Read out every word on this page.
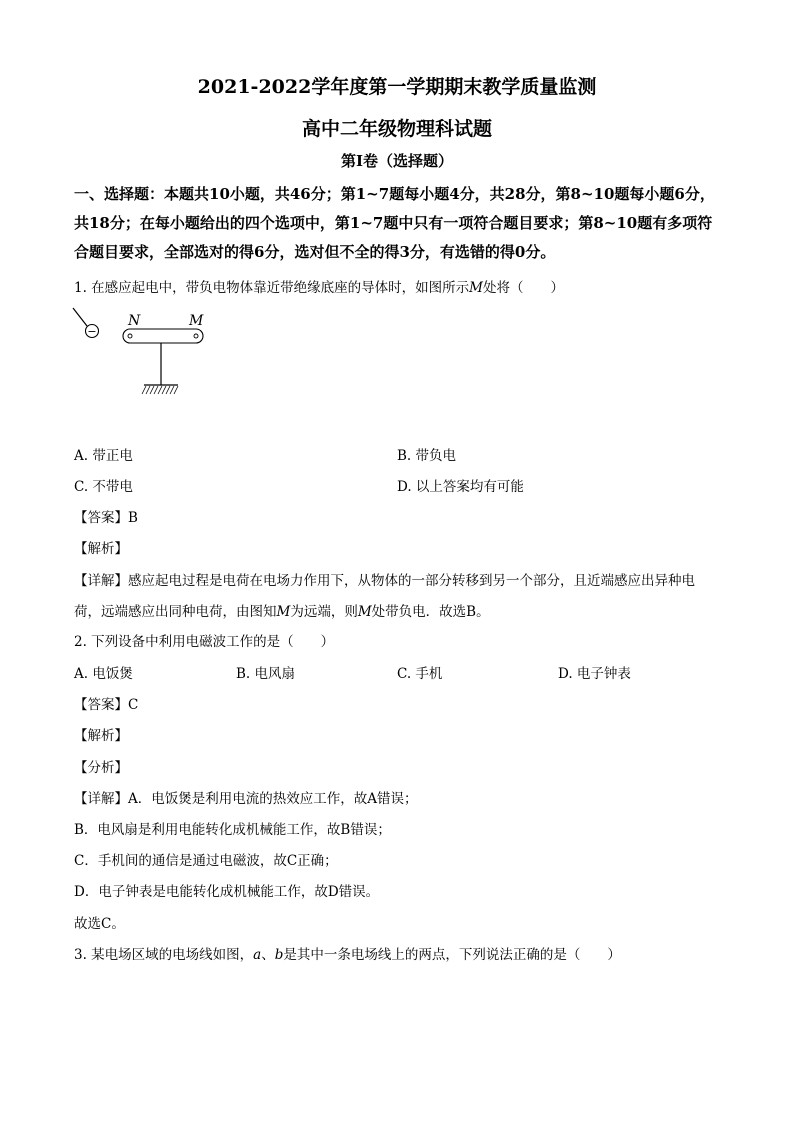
2021-2022学年度第一学期期末教学质量监测
高中二年级物理科试题
第Ⅰ卷（选择题）
一、选择题：本题共10小题，共46分；第1~7题每小题4分，共28分，第8~10题每小题6分，共18分；在每小题给出的四个选项中，第1~7题中只有一项符合题目要求；第8~10题有多项符合题目要求，全部选对的得6分，选对但不全的得3分，有选错的得0分。
1. 在感应起电中，带负电物体靠近带绝缘底座的导体时，如图所示M处将（　　）
−
N	M
A. 带正电	B. 带负电
C. 不带电	D. 以上答案均有可能
【答案】B
【解析】
【详解】感应起电过程是电荷在电场力作用下，从物体的一部分转移到另一个部分，且近端感应出异种电
荷，远端感应出同种电荷，由图知M为远端，则M处带负电．故选B。
2. 下列设备中利用电磁波工作的是（　　）
A. 电饭煲	B. 电风扇	C. 手机	D. 电子钟表
【答案】C
【解析】
【分析】
【详解】A．电饭煲是利用电流的热效应工作，故A错误；
B．电风扇是利用电能转化成机械能工作，故B错误；
C．手机间的通信是通过电磁波，故C正确；
D．电子钟表是电能转化成机械能工作，故D错误。
故选C。
3. 某电场区域的电场线如图，a、b是其中一条电场线上的两点，下列说法正确的是（　　）
